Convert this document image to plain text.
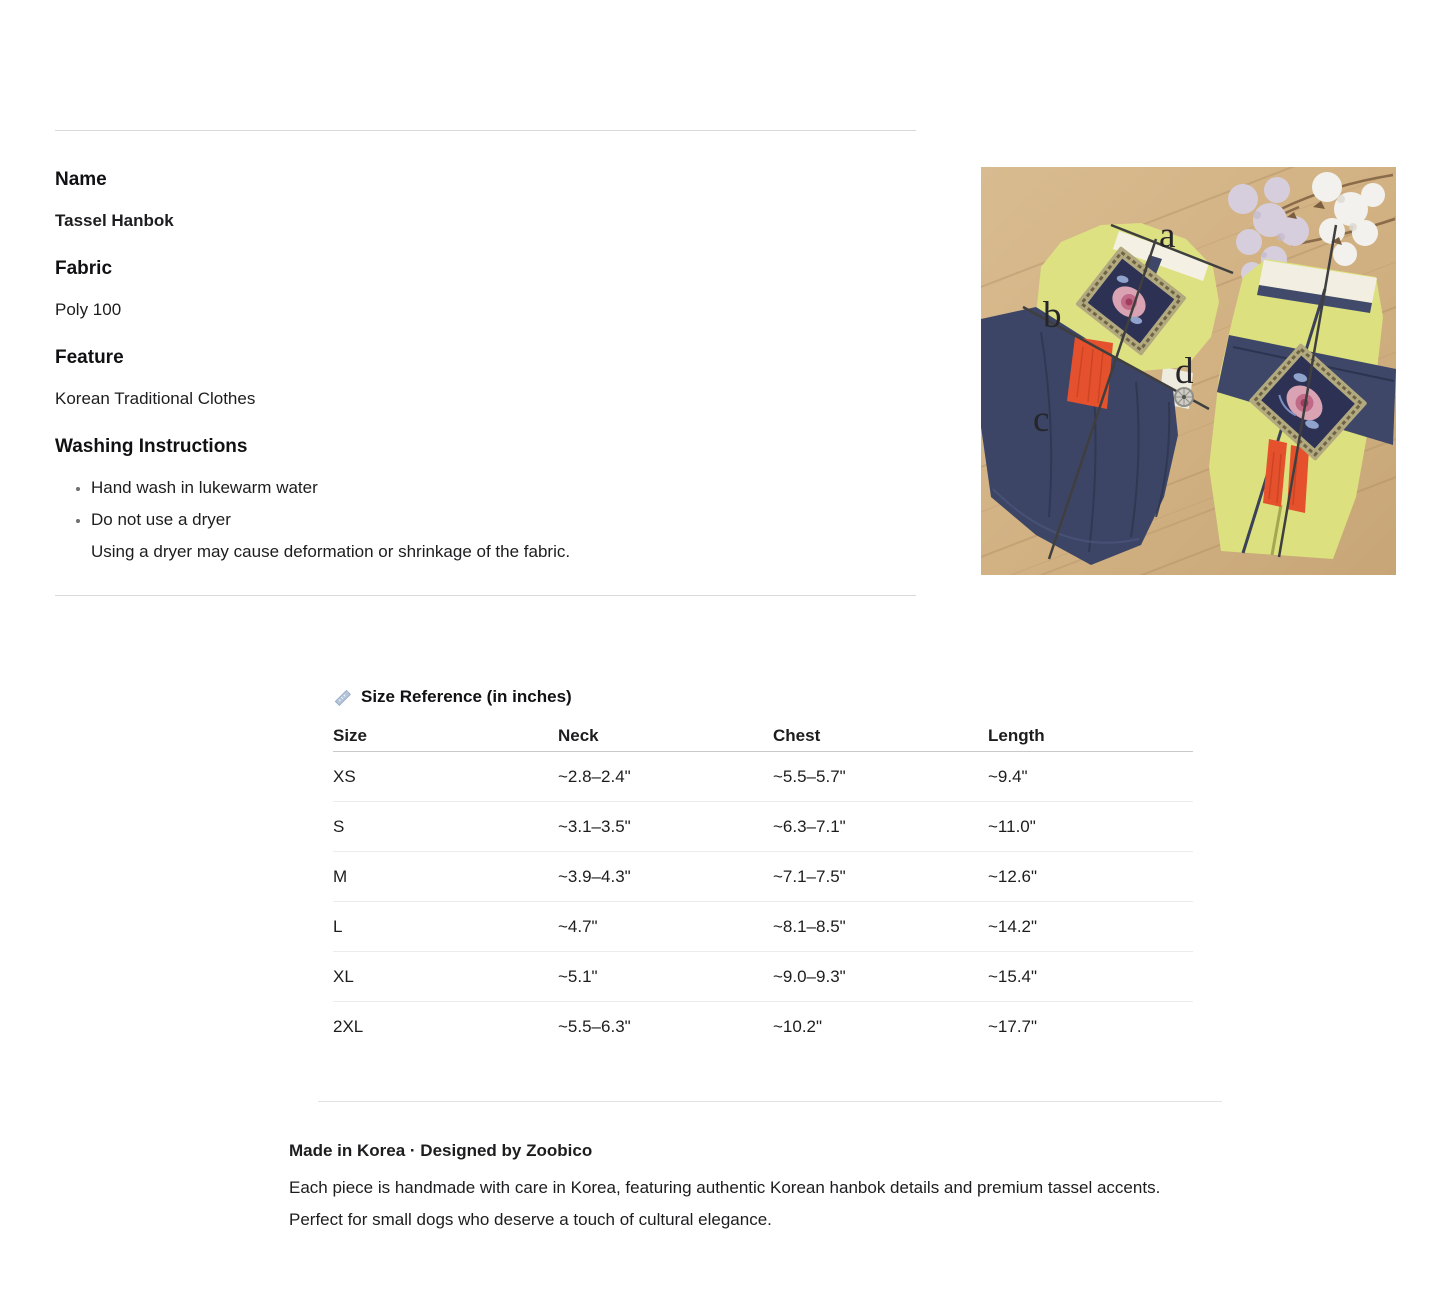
Name
Tassel Hanbok
Fabric
Poly 100
Feature
Korean Traditional Clothes
Washing Instructions
• Hand wash in lukewarm water
• Do not use a dryer
Using a dryer may cause deformation or shrinkage of the fabric.
a
b
c
d
Size Reference (in inches)
Size	Neck	Chest	Length
XS	~2.8–2.4"	~5.5–5.7"	~9.4"
S	~3.1–3.5"	~6.3–7.1"	~11.0"
M	~3.9–4.3"	~7.1–7.5"	~12.6"
L	~4.7"	~8.1–8.5"	~14.2"
XL	~5.1"	~9.0–9.3"	~15.4"
2XL	~5.5–6.3"	~10.2"	~17.7"
Made in Korea · Designed by Zoobico

Each piece is handmade with care in Korea, featuring authentic Korean hanbok details and premium tassel accents.

Perfect for small dogs who deserve a touch of cultural elegance.
